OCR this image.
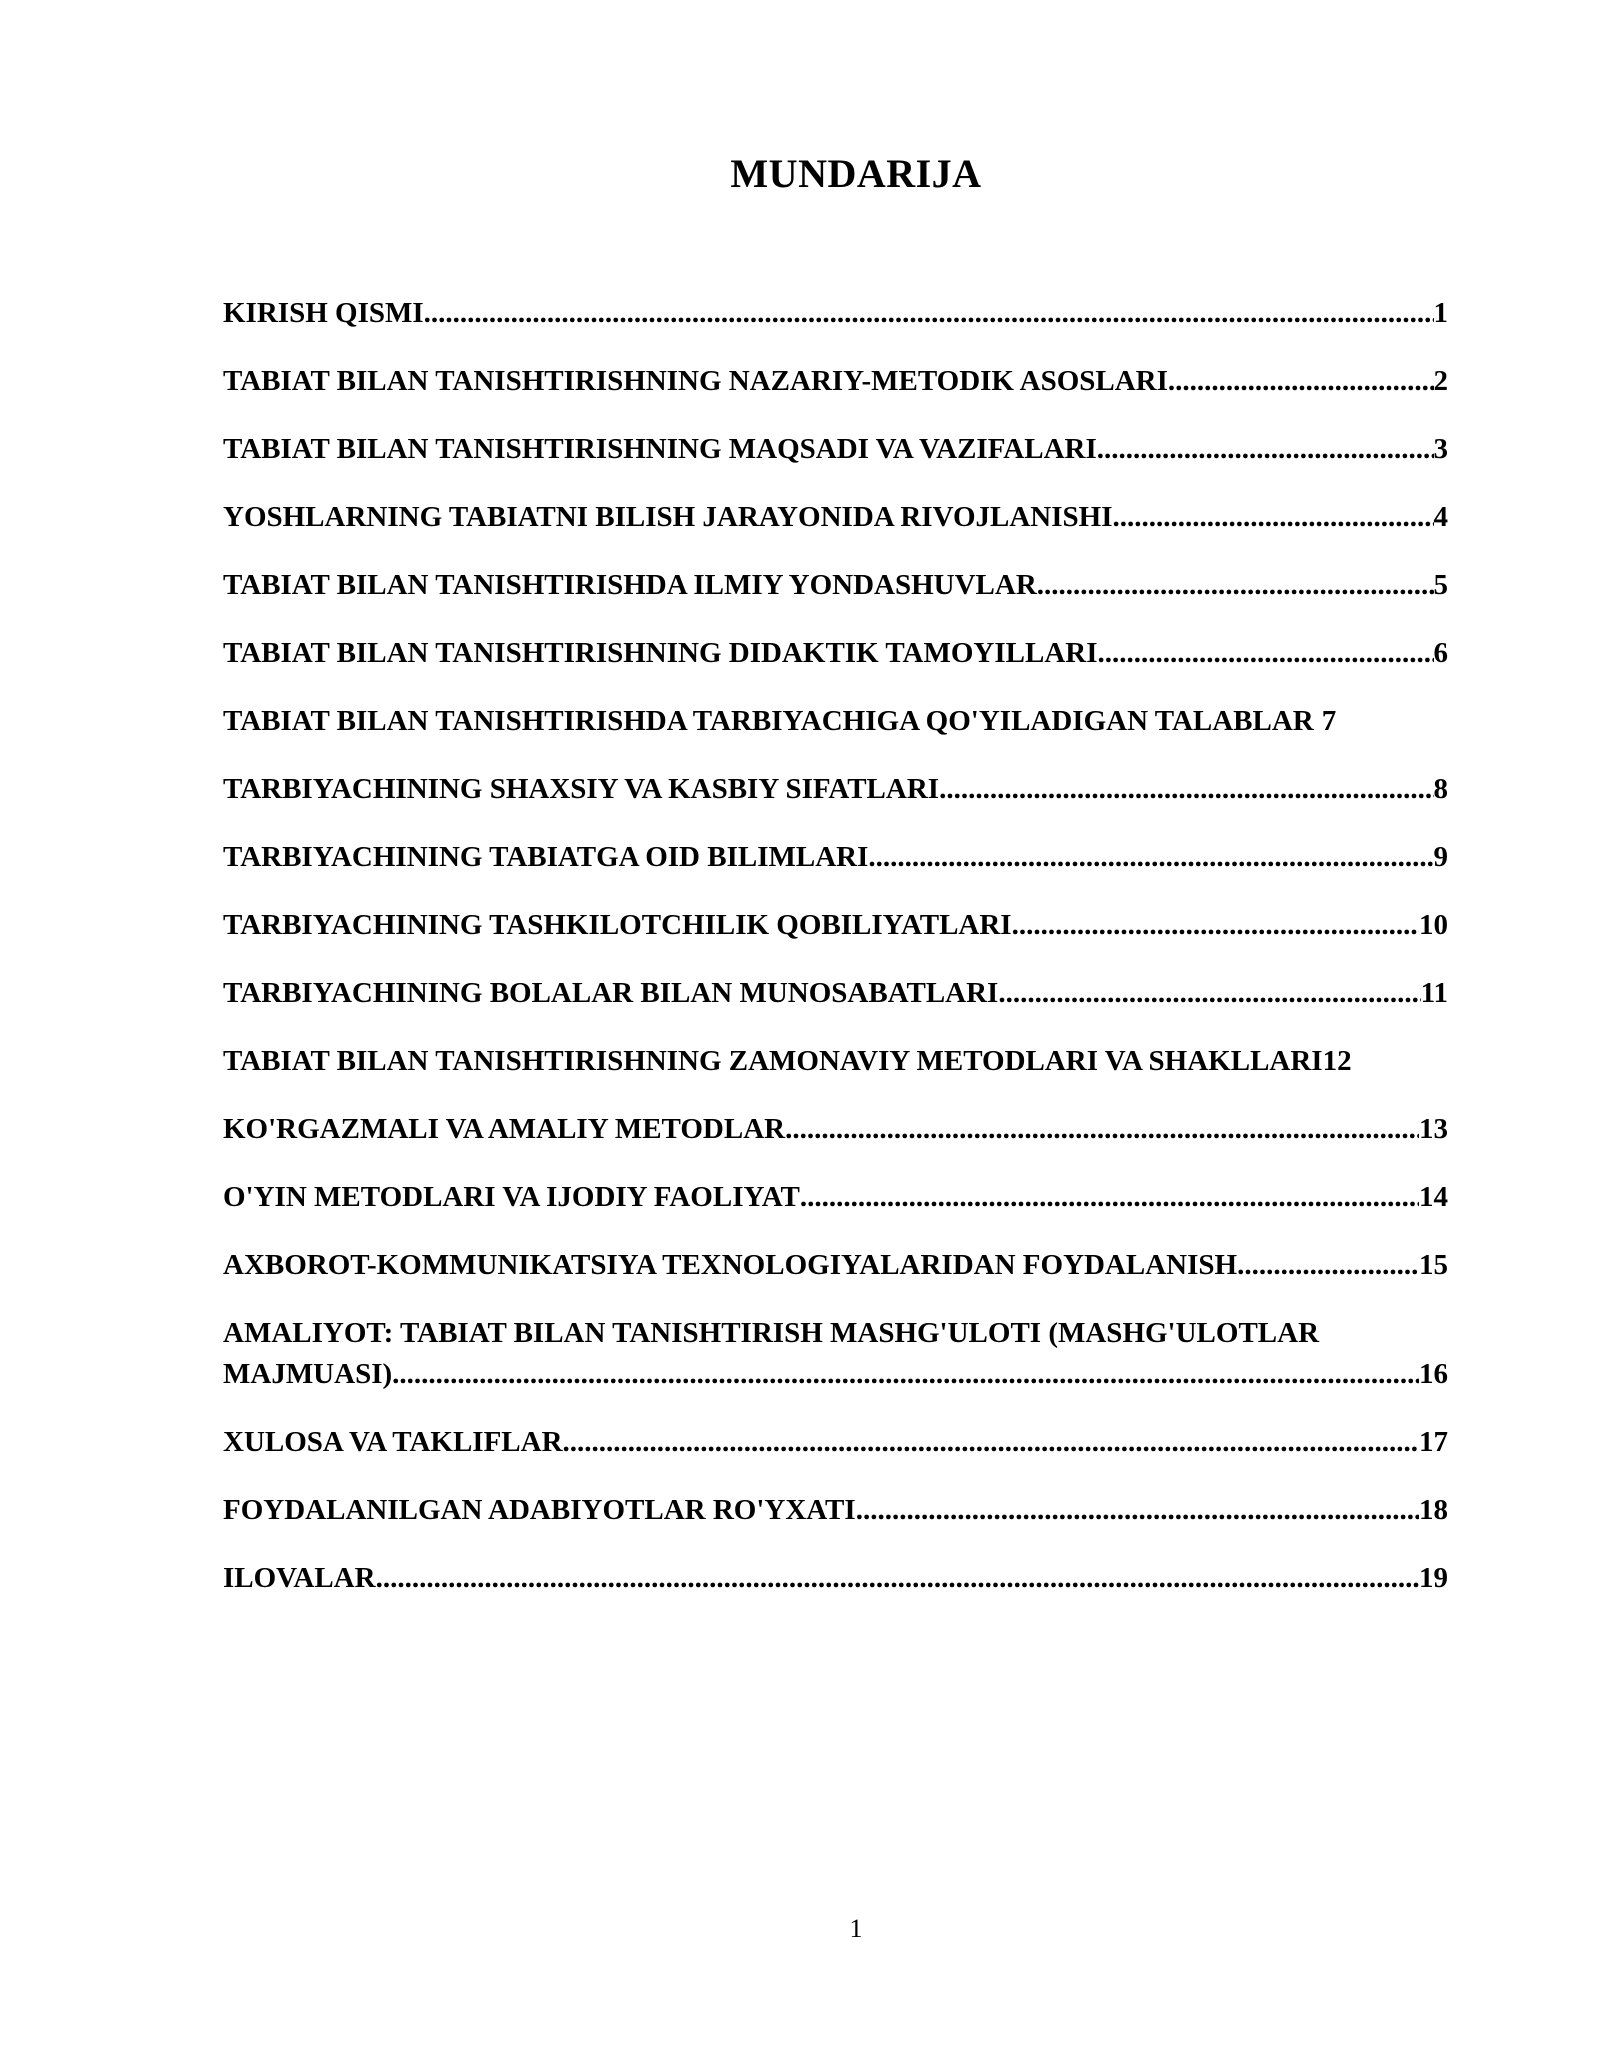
MUNDARIJA
KIRISH QISMI .....	1
TABIAT BILAN TANISHTIRISHNING NAZARIY-METODIK ASOSLARI .....	2
TABIAT BILAN TANISHTIRISHNING MAQSADI VA VAZIFALARI .....	3
YOSHLARNING TABIATNI BILISH JARAYONIDA RIVOJLANISHI .....	4
TABIAT BILAN TANISHTIRISHDA ILMIY YONDASHUVLAR .....	5
TABIAT BILAN TANISHTIRISHNING DIDAKTIK TAMOYILLARI .....	6
TABIAT BILAN TANISHTIRISHDA TARBIYACHIGA QO'YILADIGAN TALABLAR 7
TARBIYACHINING SHAXSIY VA KASBIY SIFATLARI .....	8
TARBIYACHINING TABIATGA OID BILIMLARI .....	9
TARBIYACHINING TASHKILOTCHILIK QOBILIYATLARI .....	10
TARBIYACHINING BOLALAR BILAN MUNOSABATLARI .....	11
TABIAT BILAN TANISHTIRISHNING ZAMONAVIY METODLARI VA SHAKLLARI 12
KO'RGAZMALI VA AMALIY METODLAR .....	13
O'YIN METODLARI VA IJODIY FAOLIYAT .....	14
AXBOROT-KOMMUNIKATSIYA TEXNOLOGIYALARIDAN FOYDALANISH .....	15
AMALIYOT: TABIAT BILAN TANISHTIRISH MASHG'ULOTI (MASHG'ULOTLAR
MAJMUASI) .....	16
XULOSA VA TAKLIFLAR .....	17
FOYDALANILGAN ADABIYOTLAR RO'YXATI .....	18
ILOVALAR .....	19
1
